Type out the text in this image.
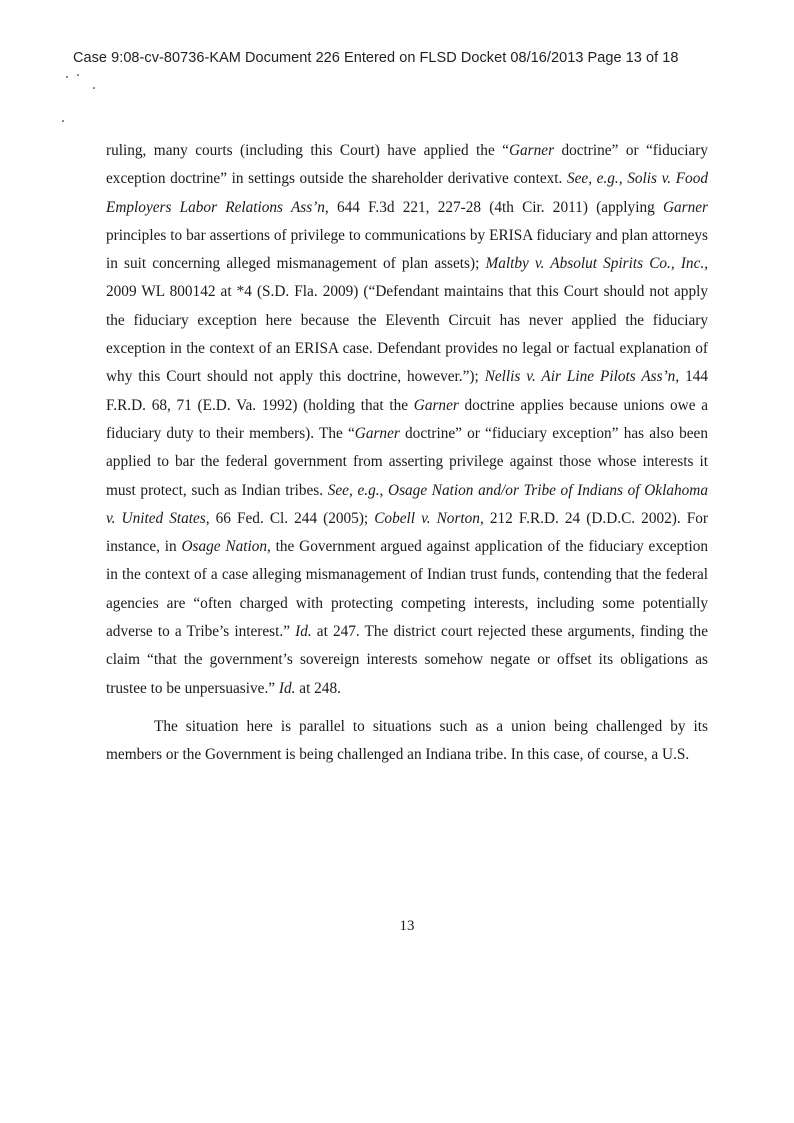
Case 9:08-cv-80736-KAM Document 226 Entered on FLSD Docket 08/16/2013 Page 13 of 18

ruling, many courts (including this Court) have applied the “Garner doctrine” or “fiduciary exception doctrine” in settings outside the shareholder derivative context. See, e.g., Solis v. Food Employers Labor Relations Ass’n, 644 F.3d 221, 227-28 (4th Cir. 2011) (applying Garner principles to bar assertions of privilege to communications by ERISA fiduciary and plan attorneys in suit concerning alleged mismanagement of plan assets); Maltby v. Absolut Spirits Co., Inc., 2009 WL 800142 at *4 (S.D. Fla. 2009) (“Defendant maintains that this Court should not apply the fiduciary exception here because the Eleventh Circuit has never applied the fiduciary exception in the context of an ERISA case. Defendant provides no legal or factual explanation of why this Court should not apply this doctrine, however.”); Nellis v. Air Line Pilots Ass’n, 144 F.R.D. 68, 71 (E.D. Va. 1992) (holding that the Garner doctrine applies because unions owe a fiduciary duty to their members). The “Garner doctrine” or “fiduciary exception” has also been applied to bar the federal government from asserting privilege against those whose interests it must protect, such as Indian tribes. See, e.g., Osage Nation and/or Tribe of Indians of Oklahoma v. United States, 66 Fed. Cl. 244 (2005); Cobell v. Norton, 212 F.R.D. 24 (D.D.C. 2002). For instance, in Osage Nation, the Government argued against application of the fiduciary exception in the context of a case alleging mismanagement of Indian trust funds, contending that the federal agencies are “often charged with protecting competing interests, including some potentially adverse to a Tribe’s interest.” Id. at 247. The district court rejected these arguments, finding the claim “that the government’s sovereign interests somehow negate or offset its obligations as trustee to be unpersuasive.” Id. at 248.

The situation here is parallel to situations such as a union being challenged by its members or the Government is being challenged an Indiana tribe. In this case, of course, a U.S.

13
